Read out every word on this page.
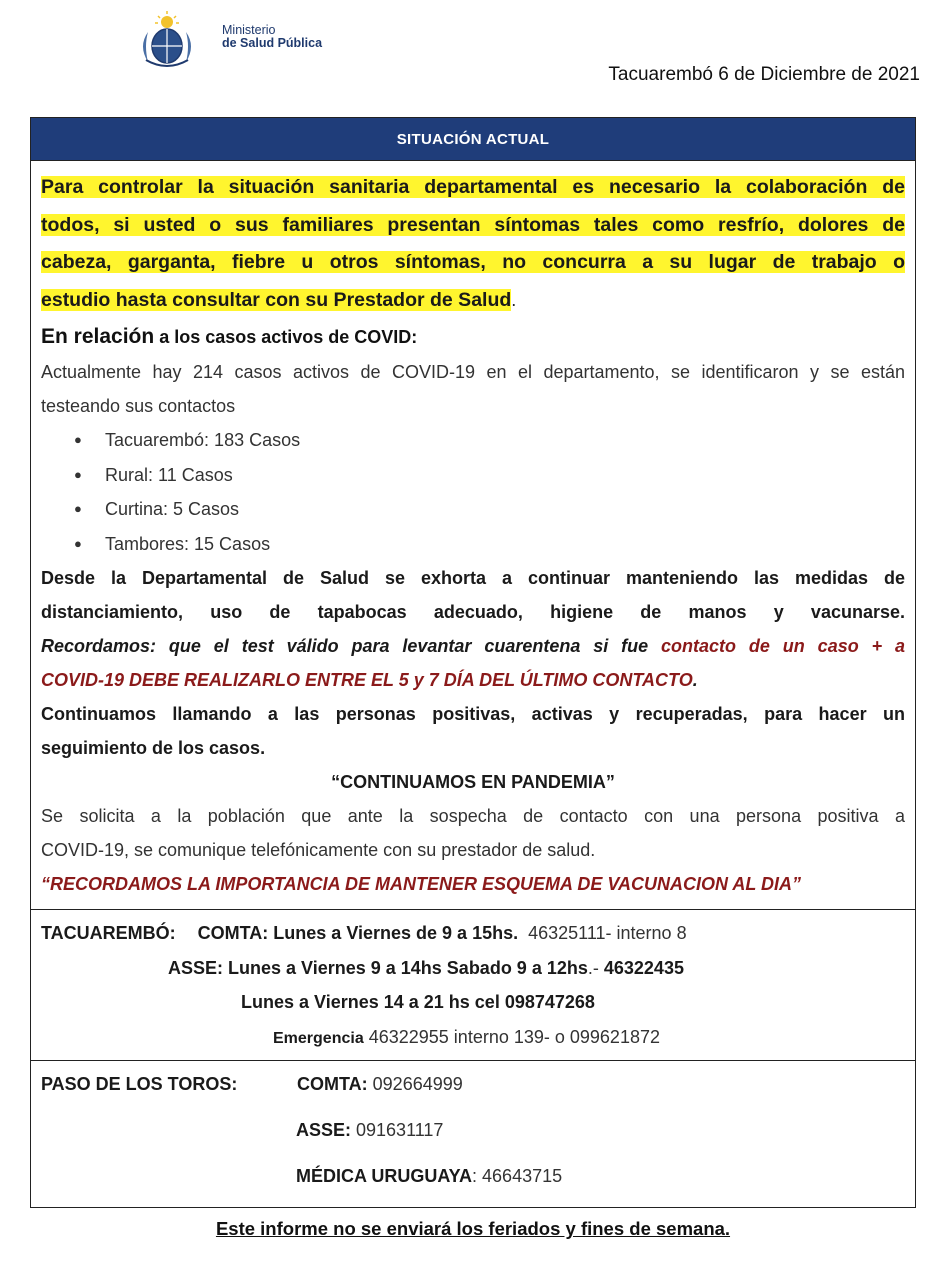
Ministerio
de Salud Pública
Tacuarembó 6 de Diciembre de 2021
SITUACIÓN ACTUAL
Para controlar la situación sanitaria departamental es necesario la colaboración de
todos, si usted o sus familiares presentan síntomas tales como resfrío, dolores de
cabeza, garganta, fiebre u otros síntomas, no concurra a su lugar de trabajo o
estudio hasta consultar con su Prestador de Salud.
En relación a los casos activos de COVID:
Actualmente hay 214 casos activos de COVID-19 en el departamento, se identificaron y se están
testeando sus contactos
● Tacuarembó: 183 Casos
● Rural: 11 Casos
● Curtina: 5 Casos
● Tambores: 15 Casos
Desde la Departamental de Salud se exhorta a continuar manteniendo las medidas de
distanciamiento, uso de tapabocas adecuado, higiene de manos y vacunarse.
Recordamos: que el test válido para levantar cuarentena si fue contacto de un caso + a
COVID-19 DEBE REALIZARLO ENTRE EL 5 y 7 DÍA DEL ÚLTIMO CONTACTO.
Continuamos llamando a las personas positivas, activas y recuperadas, para hacer un
seguimiento de los casos.
“CONTINUAMOS EN PANDEMIA”
Se solicita a la población que ante la sospecha de contacto con una persona positiva a
COVID-19, se comunique telefónicamente con su prestador de salud.
“RECORDAMOS LA IMPORTANCIA DE MANTENER ESQUEMA DE VACUNACION AL DIA”
TACUAREMBÓ: COMTA: Lunes a Viernes de 9 a 15hs. 46325111- interno 8
ASSE: Lunes a Viernes 9 a 14hs Sabado 9 a 12hs.- 46322435
Lunes a Viernes 14 a 21 hs cel 098747268
Emergencia 46322955 interno 139- o 099621872
PASO DE LOS TOROS:	COMTA: 092664999
ASSE: 091631117
MÉDICA URUGUAYA: 46643715
Este informe no se enviará los feriados y fines de semana.
